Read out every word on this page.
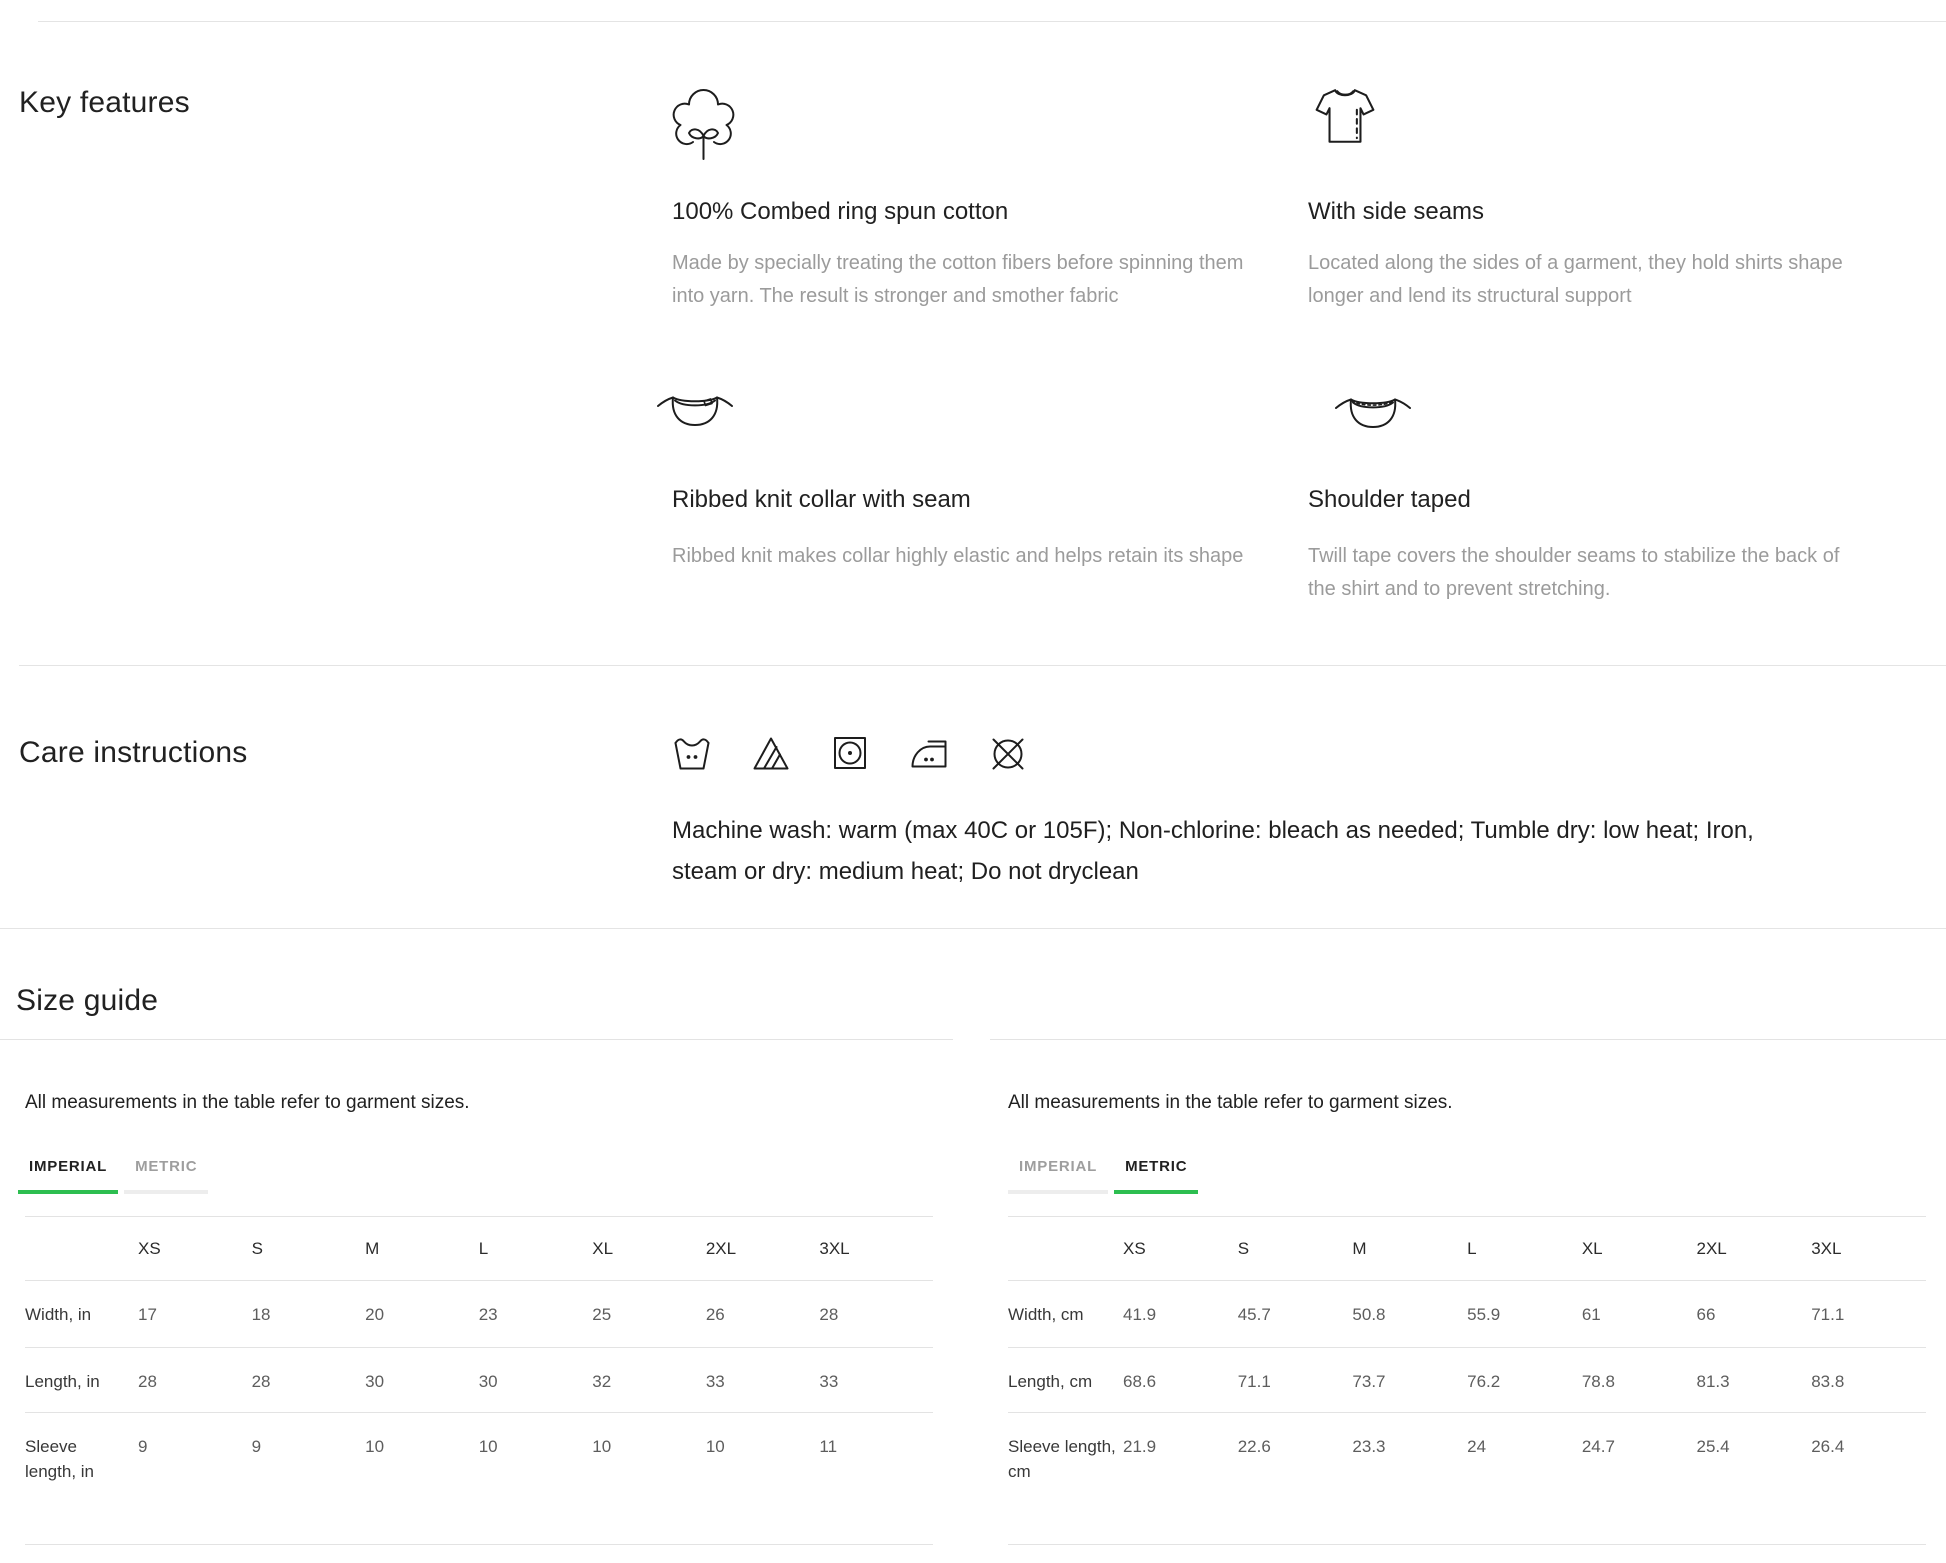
Key features
100% Combed ring spun cotton

Made by specially treating the cotton fibers before spinning them into yarn. The result is stronger and smother fabric

With side seams

Located along the sides of a garment, they hold shirts shape longer and lend its structural support

Ribbed knit collar with seam

Ribbed knit makes collar highly elastic and helps retain its shape

Shoulder taped

Twill tape covers the shoulder seams to stabilize the back of the shirt and to prevent stretching.

Care instructions

Machine wash: warm (max 40C or 105F); Non-chlorine: bleach as needed; Tumble dry: low heat; Iron, steam or dry: medium heat; Do not dryclean

Size guide

All measurements in the table refer to garment sizes.

IMPERIAL	METRIC
	XS	S	M	L	XL	2XL	3XL
Width, in	17	18	20	23	25	26	28
Length, in	28	28	30	30	32	33	33
Sleeve length, in	9	9	10	10	10	10	11

All measurements in the table refer to garment sizes.

IMPERIAL	METRIC
	XS	S	M	L	XL	2XL	3XL
Width, cm	41.9	45.7	50.8	55.9	61	66	71.1
Length, cm	68.6	71.1	73.7	76.2	78.8	81.3	83.8
Sleeve length, cm	21.9	22.6	23.3	24	24.7	25.4	26.4
